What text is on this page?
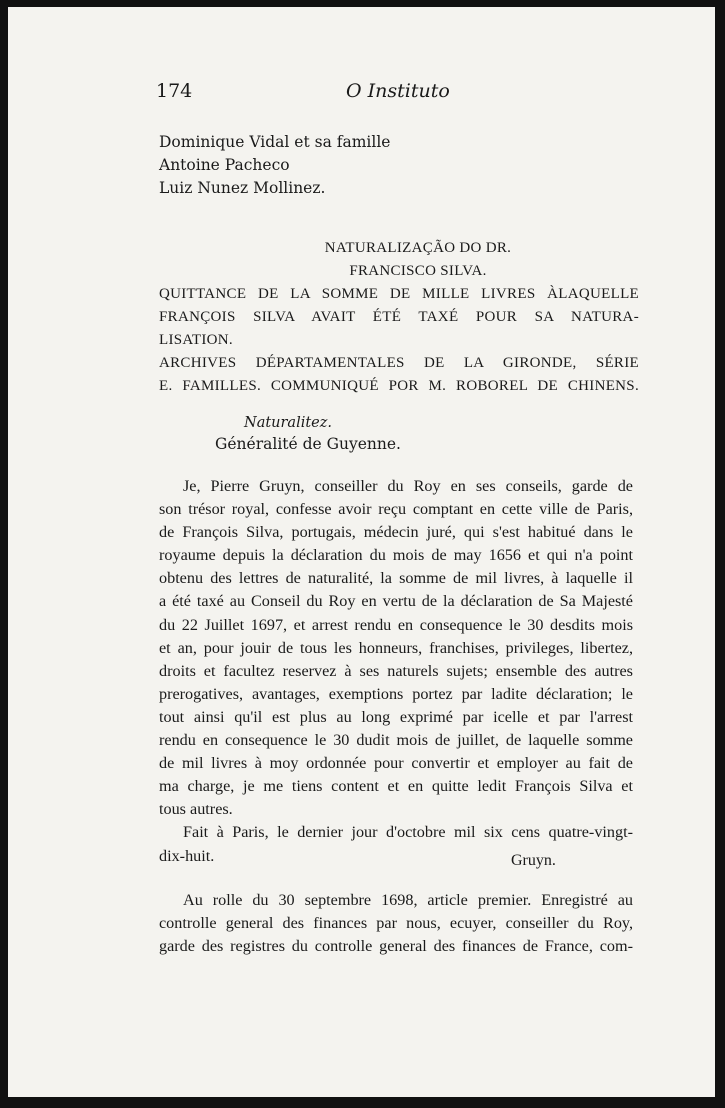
174	O Instituto
Dominique Vidal et sa famille
Antoine Pacheco
Luiz Nunez Mollinez.
NATURALIZAÇÃO DO DR.
FRANCISCO SILVA.
QUITTANCE DE LA SOMME DE MILLE LIVRES ÀLAQUELLE
FRANÇOIS SILVA AVAIT ÉTÉ TAXÉ POUR SA NATURA-
LISATION.
ARCHIVES DÉPARTAMENTALES DE LA GIRONDE, SÉRIE
E. FAMILLES. COMMUNIQUÉ POR M. ROBOREL DE CHINENS.
Naturalitez.
Généralité de Guyenne.
Je, Pierre Gruyn, conseiller du Roy en ses conseils, garde de
son trésor royal, confesse avoir reçu comptant en cette ville de Paris,
de François Silva, portugais, médecin juré, qui s'est habitué dans le
royaume depuis la déclaration du mois de may 1656 et qui n'a point
obtenu des lettres de naturalité, la somme de mil livres, à laquelle il
a été taxé au Conseil du Roy en vertu de la déclaration de Sa Majesté
du 22 Juillet 1697, et arrest rendu en consequence le 30 desdits mois
et an, pour jouir de tous les honneurs, franchises, privileges, libertez,
droits et facultez reservez à ses naturels sujets; ensemble des autres
prerogatives, avantages, exemptions portez par ladite déclaration; le
tout ainsi qu'il est plus au long exprimé par icelle et par l'arrest
rendu en consequence le 30 dudit mois de juillet, de laquelle somme
de mil livres à moy ordonnée pour convertir et employer au fait de
ma charge, je me tiens content et en quitte ledit François Silva et
tous autres.
Fait à Paris, le dernier jour d'octobre mil six cens quatre-vingt-
dix-huit.	Gruyn.
Au rolle du 30 septembre 1698, article premier. Enregistré au
controlle general des finances par nous, ecuyer, conseiller du Roy,
garde des registres du controlle general des finances de France, com-
